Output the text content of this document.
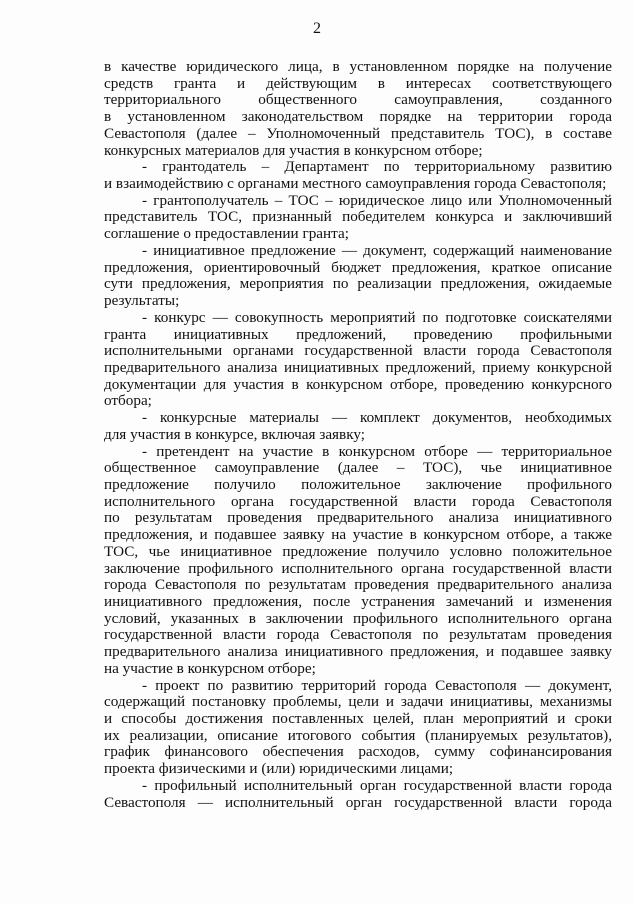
2
в качестве юридического лица, в установленном порядке на получение
средств гранта и действующим в интересах соответствующего
территориального общественного самоуправления, созданного
в установленном законодательством порядке на территории города
Севастополя (далее – Уполномоченный представитель ТОС), в составе
конкурсных материалов для участия в конкурсном отборе;
- грантодатель – Департамент по территориальному развитию
и взаимодействию с органами местного самоуправления города Севастополя;
- грантополучатель – ТОС – юридическое лицо или Уполномоченный
представитель ТОС, признанный победителем конкурса и заключивший
соглашение о предоставлении гранта;
- инициативное предложение — документ, содержащий наименование
предложения, ориентировочный бюджет предложения, краткое описание
сути предложения, мероприятия по реализации предложения, ожидаемые
результаты;
- конкурс — совокупность мероприятий по подготовке соискателями
гранта инициативных предложений, проведению профильными
исполнительными органами государственной власти города Севастополя
предварительного анализа инициативных предложений, приему конкурсной
документации для участия в конкурсном отборе, проведению конкурсного
отбора;
- конкурсные материалы — комплект документов, необходимых
для участия в конкурсе, включая заявку;
- претендент на участие в конкурсном отборе — территориальное
общественное самоуправление (далее – ТОС), чье инициативное
предложение получило положительное заключение профильного
исполнительного органа государственной власти города Севастополя
по результатам проведения предварительного анализа инициативного
предложения, и подавшее заявку на участие в конкурсном отборе, а также
ТОС, чье инициативное предложение получило условно положительное
заключение профильного исполнительного органа государственной власти
города Севастополя по результатам проведения предварительного анализа
инициативного предложения, после устранения замечаний и изменения
условий, указанных в заключении профильного исполнительного органа
государственной власти города Севастополя по результатам проведения
предварительного анализа инициативного предложения, и подавшее заявку
на участие в конкурсном отборе;
- проект по развитию территорий города Севастополя — документ,
содержащий постановку проблемы, цели и задачи инициативы, механизмы
и способы достижения поставленных целей, план мероприятий и сроки
их реализации, описание итогового события (планируемых результатов),
график финансового обеспечения расходов, сумму софинансирования
проекта физическими и (или) юридическими лицами;
- профильный исполнительный орган государственной власти города
Севастополя — исполнительный орган государственной власти города
